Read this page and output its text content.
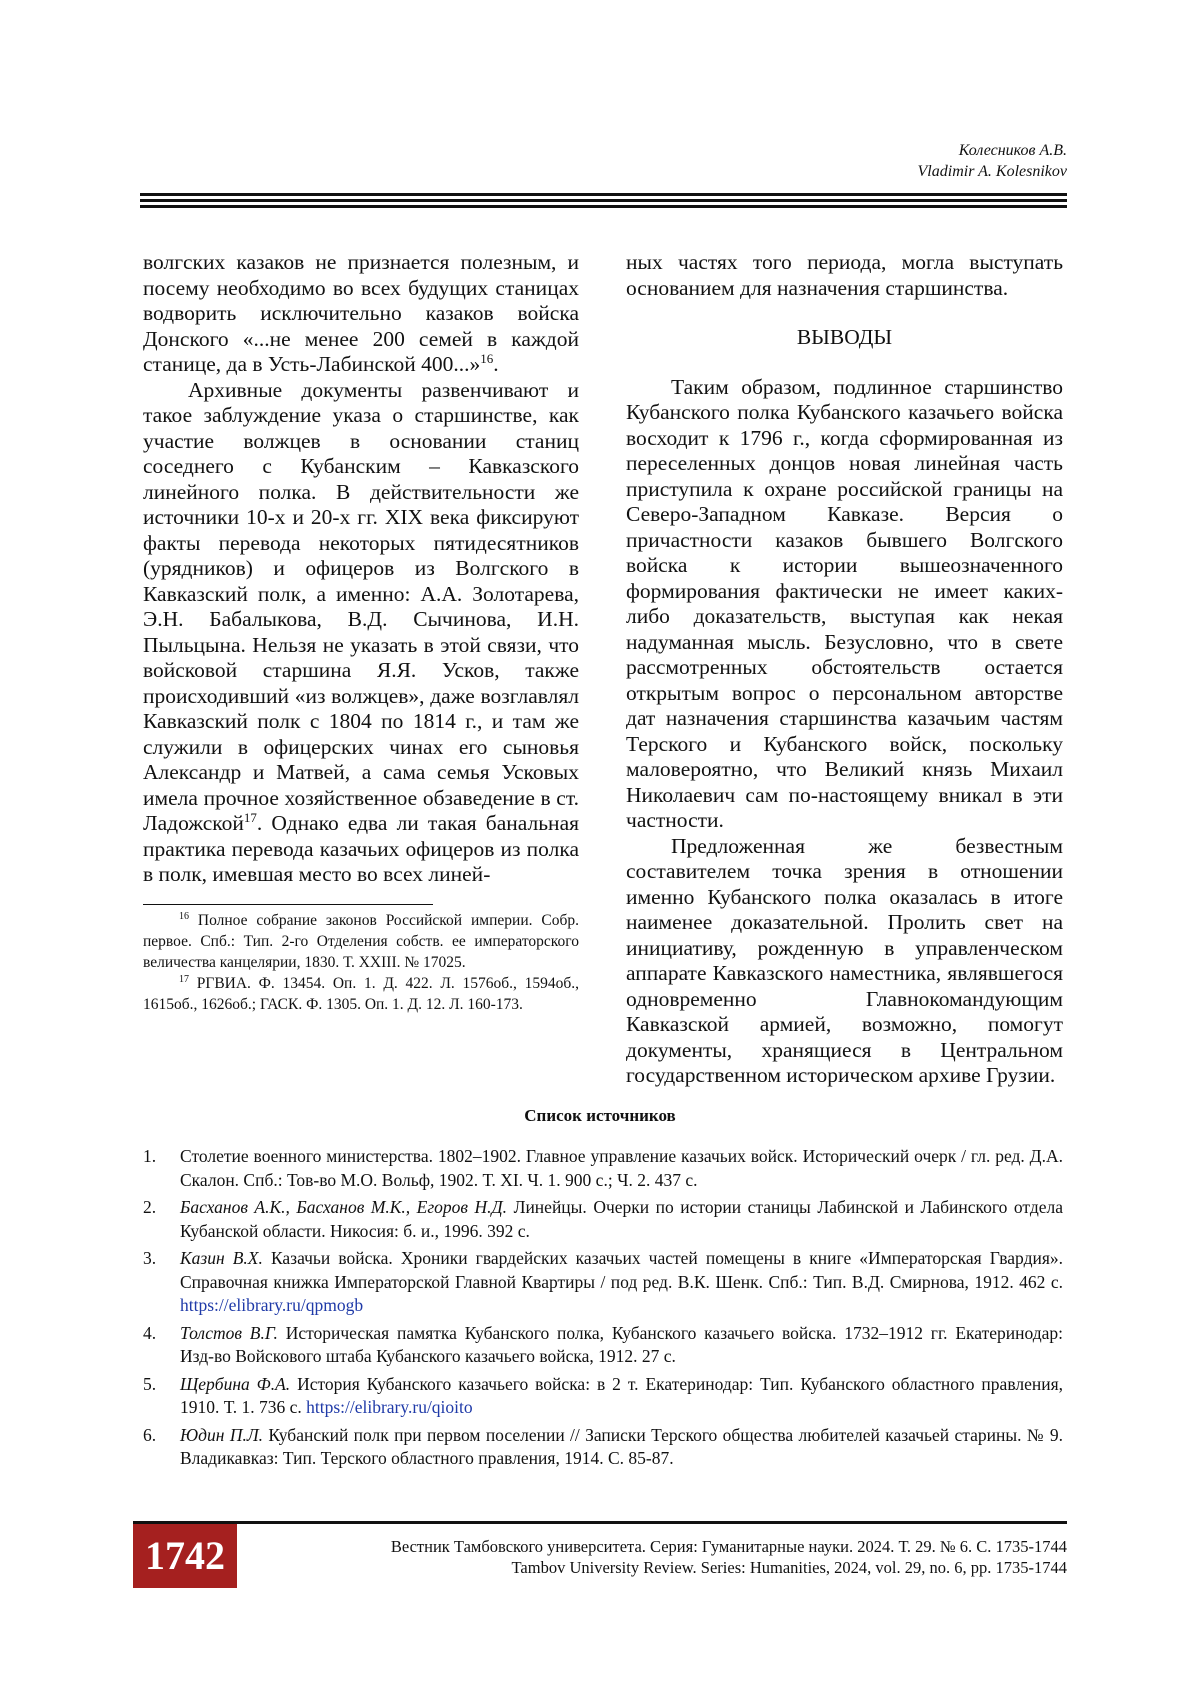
Колесников А.В.
Vladimir A. Kolesnikov

волгских казаков не признается полезным, и посему необходимо во всех будущих станицах водворить исключительно казаков войска Донского «...не менее 200 семей в каждой станице, да в Усть-Лабинской 400...»$^{16}$.

Архивные документы развенчивают и такое заблуждение указа о старшинстве, как участие волжцев в основании станиц соседнего с Кубанским – Кавказского линейного полка. В действительности же источники 10-х и 20-х гг. XIX века фиксируют факты перевода некоторых пятидесятников (урядников) и офицеров из Волгского в Кавказский полк, а именно: А.А. Золотарева, Э.Н. Бабалыкова, В.Д. Сычинова, И.Н. Пыльцына. Нельзя не указать в этой связи, что войсковой старшина Я.Я. Усков, также происходивший «из волжцев», даже возглавлял Кавказский полк с 1804 по 1814 г., и там же служили в офицерских чинах его сыновья Александр и Матвей, а сама семья Усковых имела прочное хозяйственное обзаведение в ст. Ладожской$^{17}$. Однако едва ли такая банальная практика перевода казачьих офицеров из полка в полк, имевшая место во всех линей-

$^{16}$ Полное собрание законов Российской империи. Собр. первое. Спб.: Тип. 2-го Отделения собств. ее императорского величества канцелярии, 1830. Т. XXIII. № 17025.

$^{17}$ РГВИА. Ф. 13454. Оп. 1. Д. 422. Л. 1576об., 1594об., 1615об., 1626об.; ГАСК. Ф. 1305. Оп. 1. Д. 12. Л. 160-173.

ных частях того периода, могла выступать основанием для назначения старшинства.

ВЫВОДЫ

Таким образом, подлинное старшинство Кубанского полка Кубанского казачьего войска восходит к 1796 г., когда сформированная из переселенных донцов новая линейная часть приступила к охране российской границы на Северо-Западном Кавказе. Версия о причастности казаков бывшего Волгского войска к истории вышеозначенного формирования фактически не имеет каких-либо доказательств, выступая как некая надуманная мысль. Безусловно, что в свете рассмотренных обстоятельств остается открытым вопрос о персональном авторстве дат назначения старшинства казачьим частям Терского и Кубанского войск, поскольку маловероятно, что Великий князь Михаил Николаевич сам по-настоящему вникал в эти частности.

Предложенная же безвестным составителем точка зрения в отношении именно Кубанского полка оказалась в итоге наименее доказательной. Пролить свет на инициативу, рожденную в управленческом аппарате Кавказского наместника, являвшегося одновременно Главнокомандующим Кавказской армией, возможно, помогут документы, хранящиеся в Центральном государственном историческом архиве Грузии.

Список источников
1. Столетие военного министерства. 1802–1902. Главное управление казачьих войск. Исторический очерк / гл. ред. Д.А. Скалон. Спб.: Тов-во М.О. Вольф, 1902. Т. XI. Ч. 1. 900 с.; Ч. 2. 437 с.
2. Басханов А.К., Басханов М.К., Егоров Н.Д. Линейцы. Очерки по истории станицы Лабинской и Лабинского отдела Кубанской области. Никосия: б. и., 1996. 392 с.
3. Казин В.Х. Казачьи войска. Хроники гвардейских казачьих частей помещены в книге «Императорская Гвардия». Справочная книжка Императорской Главной Квартиры / под ред. В.К. Шенк. Спб.: Тип. В.Д. Смирнова, 1912. 462 с. https://elibrary.ru/qpmogb
4. Толстов В.Г. Историческая памятка Кубанского полка, Кубанского казачьего войска. 1732–1912 гг. Екатеринодар: Изд-во Войскового штаба Кубанского казачьего войска, 1912. 27 с.
5. Щербина Ф.А. История Кубанского казачьего войска: в 2 т. Екатеринодар: Тип. Кубанского областного правления, 1910. Т. 1. 736 с. https://elibrary.ru/qioito
6. Юдин П.Л. Кубанский полк при первом поселении // Записки Терского общества любителей казачьей старины. № 9. Владикавказ: Тип. Терского областного правления, 1914. С. 85-87.
1742	Вестник Тамбовского университета. Серия: Гуманитарные науки. 2024. Т. 29. № 6. С. 1735-1744
Tambov University Review. Series: Humanities, 2024, vol. 29, no. 6, pp. 1735-1744
